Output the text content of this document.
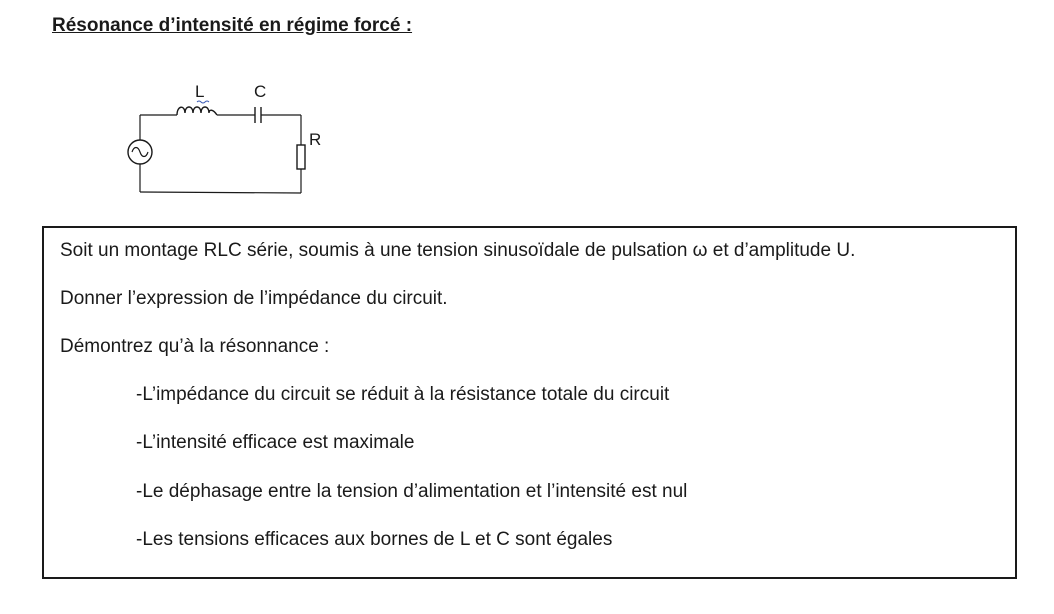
Résonance d’intensité en régime forcé :
L	C
R
Soit un montage RLC série, soumis à une tension sinusoïdale de pulsation ω et d’amplitude U.
Donner l’expression de l’impédance du circuit.
Démontrez qu’à la résonnance :
-L’impédance du circuit se réduit à la résistance totale du circuit
-L’intensité efficace est maximale
-Le déphasage entre la tension d’alimentation et l’intensité est nul
-Les tensions efficaces aux bornes de L et C sont égales
